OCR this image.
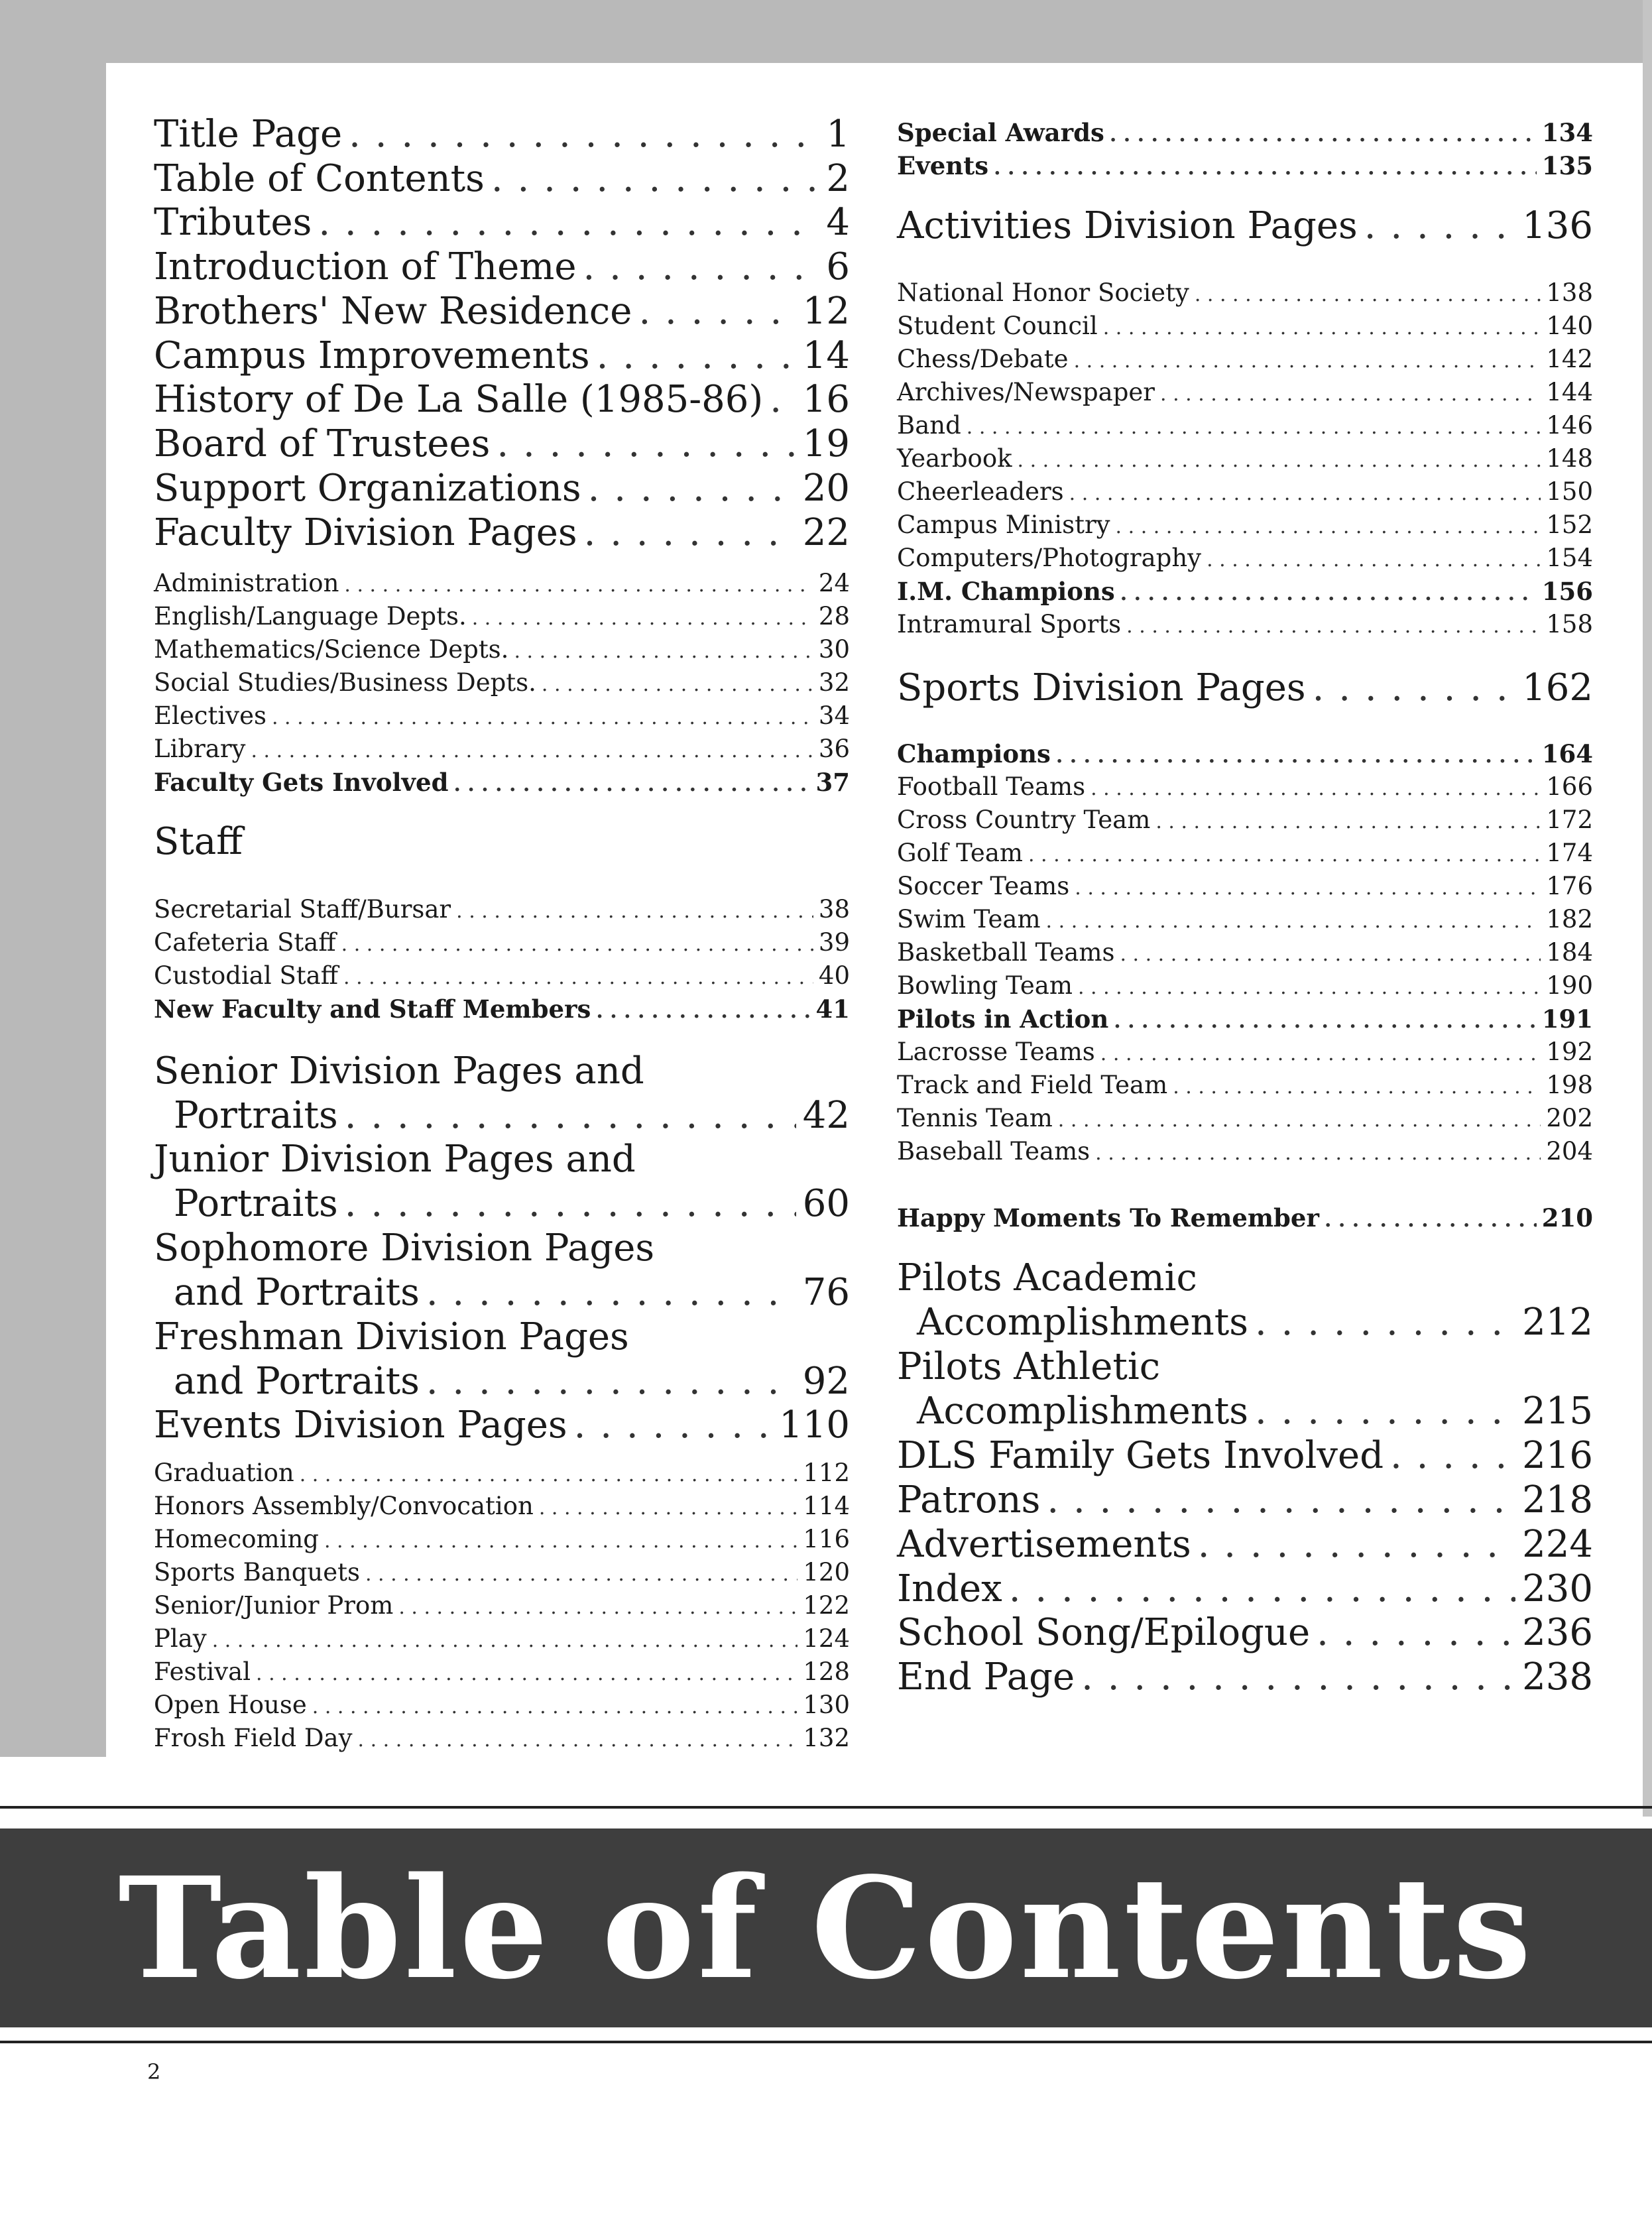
Title Page . . .	1
Table of Contents . . .	2
Tributes . . .	4
Introduction of Theme . . .	6
Brothers' New Residence . . .	12
Campus Improvements . . .	14
History of De La Salle (1985-86) . . . 16
Board of Trustees . . .	19
Support Organizations . . .	20
Faculty Division Pages . . .	22
Administration . . .	24
English/Language Depts. . . .	28
Mathematics/Science Depts. . . .	30
Social Studies/Business Depts. . . .	32
Electives . . .	34
Library . . .	36
Faculty Gets Involved . . .	37
Staff
Secretarial Staff/Bursar . . .	38
Cafeteria Staff . . .	39
Custodial Staff . . .	40
New Faculty and Staff Members . . .	41
Senior Division Pages and
Portraits . . .	42
Junior Division Pages and
Portraits . . .	60
Sophomore Division Pages
and Portraits . . .	76
Freshman Division Pages
and Portraits . . .	92
Events Division Pages . . .	110
Graduation . . .	112
Honors Assembly/Convocation . . .	114
Homecoming . . .	116
Sports Banquets . . .	120
Senior/Junior Prom . . .	122
Play . . .	124
Festival . . .	128
Open House . . .	130
Frosh Field Day . . .	132
Special Awards . . .	134
Events . . .	135
Activities Division Pages . . .	136
National Honor Society . . .	138
Student Council . . .	140
Chess/Debate . . .	142
Archives/Newspaper . . .	144
Band . . .	146
Yearbook . . .	148
Cheerleaders . . .	150
Campus Ministry . . .	152
Computers/Photography . . .	154
I.M. Champions . . .	156
Intramural Sports . . .	158
Sports Division Pages . . .	162
Champions . . .	164
Football Teams . . .	166
Cross Country Team . . .	172
Golf Team . . .	174
Soccer Teams . . .	176
Swim Team . . .	182
Basketball Teams . . .	184
Bowling Team . . .	190
Pilots in Action . . .	191
Lacrosse Teams . . .	192
Track and Field Team . . .	198
Tennis Team . . .	202
Baseball Teams . . .	204
Happy Moments To Remember . . .	210
Pilots Academic
Accomplishments . . .	212
Pilots Athletic
Accomplishments . . .	215
DLS Family Gets Involved . . .	216
Patrons . . .	218
Advertisements . . .	224
Index . . .	230
School Song/Epilogue . . .	236
End Page . . .	238
Table of Contents
2
